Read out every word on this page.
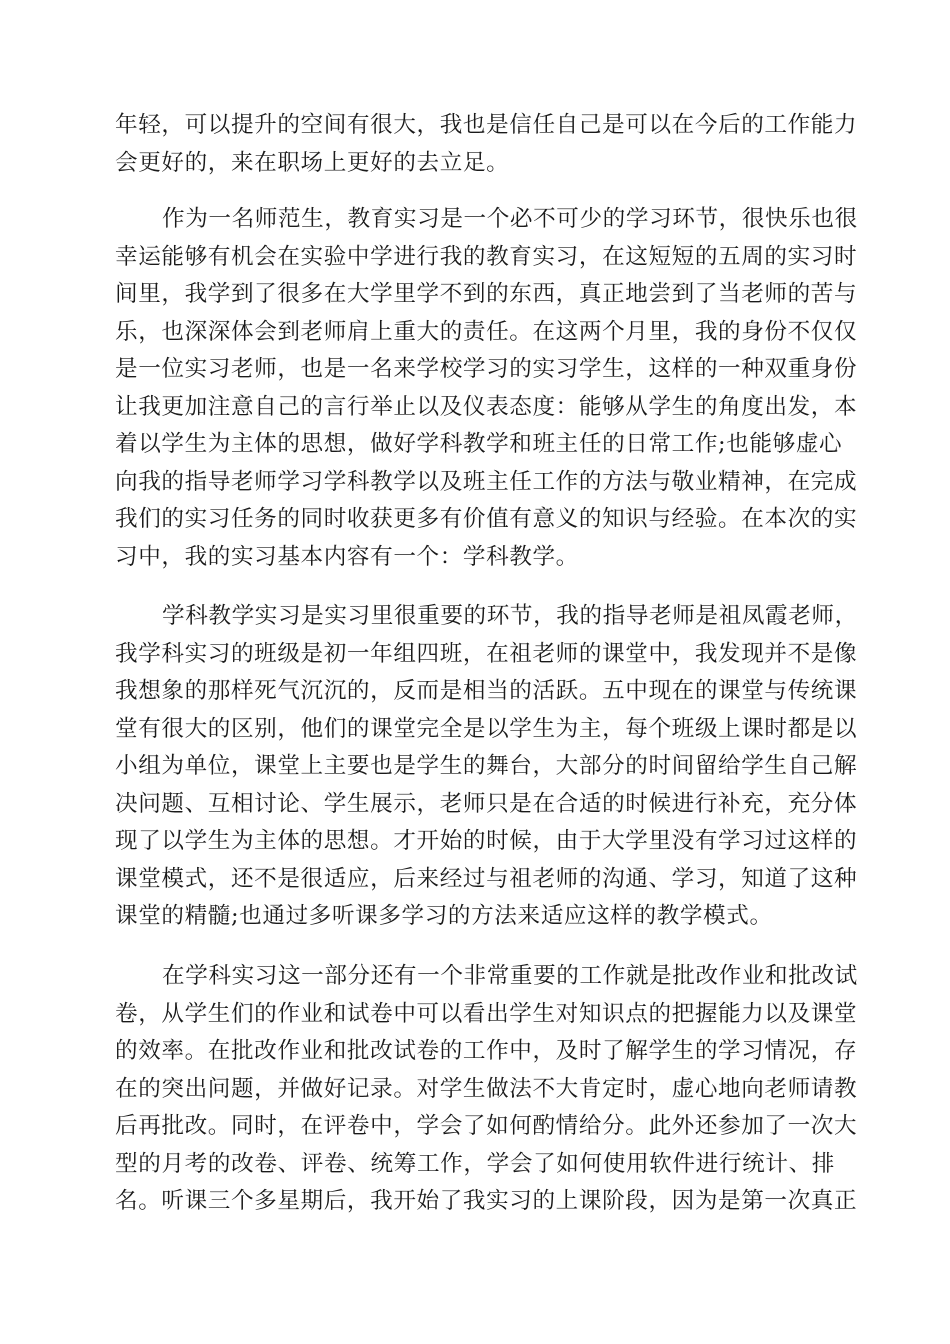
年轻，可以提升的空间有很大，我也是信任自己是可以在今后的工作能力
会更好的，来在职场上更好的去立足。
作为一名师范生，教育实习是一个必不可少的学习环节，很快乐也很
幸运能够有机会在实验中学进行我的教育实习，在这短短的五周的实习时
间里，我学到了很多在大学里学不到的东西，真正地尝到了当老师的苦与
乐，也深深体会到老师肩上重大的责任。在这两个月里，我的身份不仅仅
是一位实习老师，也是一名来学校学习的实习学生，这样的一种双重身份
让我更加注意自己的言行举止以及仪表态度：能够从学生的角度出发，本
着以学生为主体的思想，做好学科教学和班主任的日常工作;也能够虚心
向我的指导老师学习学科教学以及班主任工作的方法与敬业精神，在完成
我们的实习任务的同时收获更多有价值有意义的知识与经验。在本次的实
习中，我的实习基本内容有一个：学科教学。
学科教学实习是实习里很重要的环节，我的指导老师是祖凤霞老师，
我学科实习的班级是初一年组四班，在祖老师的课堂中，我发现并不是像
我想象的那样死气沉沉的，反而是相当的活跃。五中现在的课堂与传统课
堂有很大的区别，他们的课堂完全是以学生为主，每个班级上课时都是以
小组为单位，课堂上主要也是学生的舞台，大部分的时间留给学生自己解
决问题、互相讨论、学生展示，老师只是在合适的时候进行补充，充分体
现了以学生为主体的思想。才开始的时候，由于大学里没有学习过这样的
课堂模式，还不是很适应，后来经过与祖老师的沟通、学习，知道了这种
课堂的精髓;也通过多听课多学习的方法来适应这样的教学模式。
在学科实习这一部分还有一个非常重要的工作就是批改作业和批改试
卷，从学生们的作业和试卷中可以看出学生对知识点的把握能力以及课堂
的效率。在批改作业和批改试卷的工作中，及时了解学生的学习情况，存
在的突出问题，并做好记录。对学生做法不大肯定时，虚心地向老师请教
后再批改。同时，在评卷中，学会了如何酌情给分。此外还参加了一次大
型的月考的改卷、评卷、统筹工作，学会了如何使用软件进行统计、排
名。听课三个多星期后，我开始了我实习的上课阶段，因为是第一次真正
